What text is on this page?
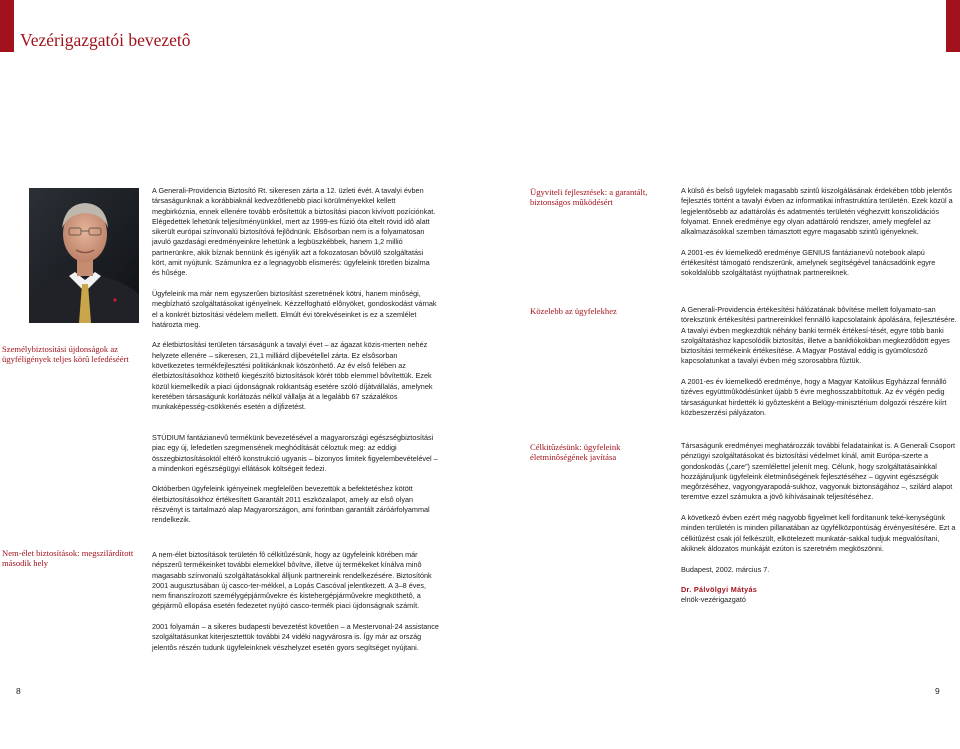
Vezérigazgatói bevezetô

Személybiztosítási újdonságok az ügyféligények teljes körû lefedéséért

Nem-élet biztosítások: megszilárdított második hely

A Generali-Providencia Biztosító Rt. sikeresen zárta a 12. üzleti évét. A tavalyi évben társaságunknak a korábbiaknál kedvezôtlenebb piaci körülményekkel kellett megbirkóznia, ennek ellenére tovább erôsítettük a biztosítási piacon kivívott pozíciónkat. Elégedettek lehetünk teljesítményünkkel, mert az 1999-es fúzió óta eltelt rövid idô alatt sikerült európai színvonalú biztosítóvá fejlôdnünk. Elsôsorban nem is a folyamatosan javuló gazdasági eredményeinkre lehetünk a legbüszkébbek, hanem 1,2 millió partnerünkre, akik bíznak bennünk és igénylik azt a fokozatosan bôvülô szolgáltatási kört, amit nyújtunk. Számunkra ez a legnagyobb elismerés: ügyfeleink töretlen bizalma és hûsége.

Ügyfeleink ma már nem egyszerûen biztosítást szeretnének kötni, hanem minôségi, megbízható szolgáltatásokat igényelnek. Kézzelfogható elônyöket, gondoskodást várnak el a konkrét biztosítási védelem mellett. Elmúlt évi törekvéseinket is ez a szemlélet határozta meg.

Az életbiztosítási területen társaságunk a tavalyi évet – az ágazat közis-merten nehéz helyzete ellenére – sikeresen, 21,1 milliárd díjbevétellel zárta. Ez elsôsorban következetes termékfejlesztési politikánknak köszönhetô. Az év elsô felében az életbiztosításokhoz köthetô kiegészítô biztosítások körét több elemmel bôvítettük. Ezek közül kiemelkedik a piaci újdonságnak rokkantság esetére szóló díjátvállalás, amelynek keretében társaságunk korlátozás nélkül vállalja át a legalább 67 százalékos munkaképesség-csökkenés esetén a díjfizetést.

STÚDIUM fantázianevû termékünk bevezetésével a magyarországi egészségbiztosítási piac egy új, lefedetlen szegmensének meghódítását céloztuk meg: az eddigi összegbiztosításoktól eltérô konstrukció ugyanis – bizonyos limitek figyelembevételével – a mindenkori egészségügyi ellátások költségeit fedezi.

Októberben ügyfeleink igényeinek megfelelôen bevezettük a befektetéshez kötött életbiztosításokhoz értékesített Garantált 2011 eszközalapot, amely az elsô olyan részvényt is tartalmazó alap Magyarországon, ami forintban garantált záróárfolyammal rendelkezik.

A nem-élet biztosítások területén fô célkitûzésünk, hogy az ügyfeleink körében már népszerû termékeinket további elemekkel bôvítve, illetve új termékeket kínálva minô magasabb színvonalú szolgáltatásokkal álljunk partnereink rendelkezésére. Biztosítónk 2001 augusztusában új casco-ter-mékkel, a Lopás Cascóval jelentkezett. A 3–8 éves, nem finanszírozott személygépjármûvekre és kistehergépjármûvekre megköthetô, a gépjármû ellopása esetén fedezetet nyújtó casco-termék piaci újdonságnak számít.

2001 folyamán – a sikeres budapesti bevezetést követôen – a Mestervonal-24 assistance szolgáltatásunkat kiterjesztettük további 24 vidéki nagyvárosra is. Így már az ország jelentôs részén tudunk ügyfeleinknek vészhelyzet esetén gyors segítséget nyújtani.

Ügyviteli fejlesztések: a garantált, biztonságos mûködésért

Közelebb az ügyfelekhez

Célkitûzésünk: ügyfeleink életminôségének javítása

A külsô és belsô ügyfelek magasabb szintû kiszolgálásának érdekében több jelentôs fejlesztés történt a tavalyi évben az informatikai infrastruktúra területén. Ezek közül a legjelentôsebb az adattárolás és adatmentés területén véghezvitt konszolidációs folyamat. Ennek eredménye egy olyan adattároló rendszer, amely megfelel az alkalmazásokkal szemben támasztott egyre magasabb szintû igényeknek.

A 2001-es év kiemelkedô eredménye GENIUS fantázianevû notebook alapú értékesítést támogató rendszerünk, amelynek segítségével tanácsadóink egyre sokoldalúbb szolgáltatást nyújthatnak partnereiknek.

A Generali-Providencia értékesítési hálózatának bôvítése mellett folyamato-san törekszünk értékesítési partnereinkkel fennálló kapcsolataink ápolására, fejlesztésére. A tavalyi évben megkezdtük néhány banki termék értékesí-tését, egyre több banki szolgáltatáshoz kapcsolódik biztosítás, illetve a bankfiókokban megkezdôdött egyes biztosítási termékeink értékesítése. A Magyar Postával eddig is gyümölcsözô kapcsolatunkat a tavalyi évben még szorosabbra fûztük.

A 2001-es év kiemelkedô eredménye, hogy a Magyar Katolikus Egyházzal fennálló tizéves együttmûködésünket újabb 5 évre meghosszabbítottuk. Az év végén pedig társaságunkat hirdették ki gyôztesként a Belügy-minisztérium dolgozói részére kiírt közbeszerzési pályázaton.

Társaságunk eredményei meghatározzák további feladatainkat is. A Generali Csoport pénzügyi szolgáltatásokat és biztosítási védelmet kínál, amit Európa-szerte a gondoskodás („care”) szemlélettel jelenít meg. Célunk, hogy szolgáltatásainkkal hozzájáruljunk ügyfeleink életminôségének fejlesztéséhez – ügyvint egészségük megôrzéséhez, vagyongyarapodá-sukhoz, vagyonuk biztonságához –, szilárd alapot teremtve ezzel számukra a jövô kihívásainak teljesítéséhez.

A következô évben ezért még nagyobb figyelmet kell fordítanunk teké-kenységünk minden területén is minden pillanatában az ügyfélközpontúság érvényesítésére. Ezt a célkitûzést csak jól felkészült, elkötelezett munkatár-sakkal tudjuk megvalósítani, akiknek áldozatos munkáját ezúton is szeretném megköszönni.

Budapest, 2002. március 7.

Dr. Pálvölgyi Mátyás
elnök-vezérigazgató

8	9
